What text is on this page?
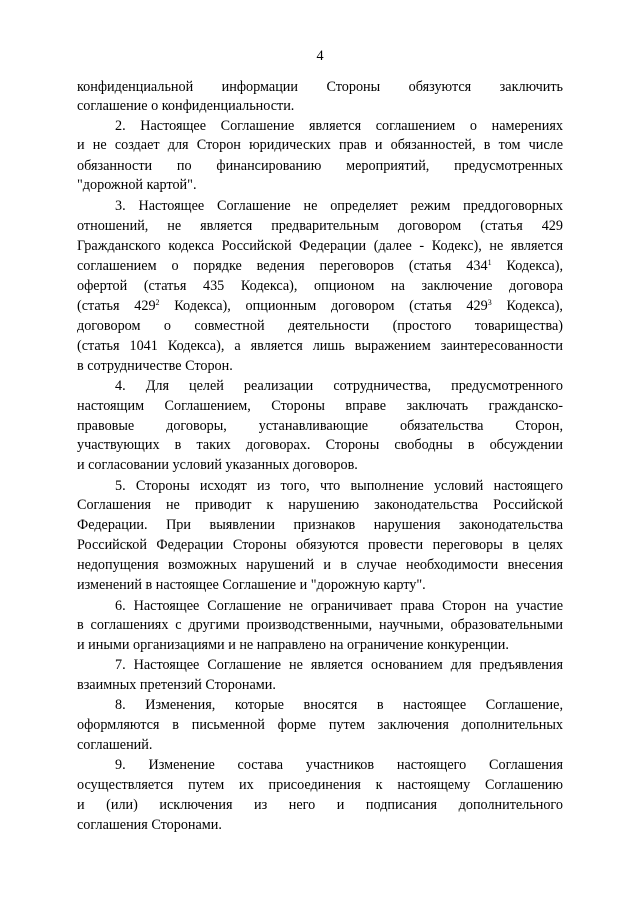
4
конфиденциальной информации Стороны обязуются заключить
соглашение о конфиденциальности.
2. Настоящее Соглашение является соглашением о намерениях
и не создает для Сторон юридических прав и обязанностей, в том числе
обязанности по финансированию мероприятий, предусмотренных
"дорожной картой".
3. Настоящее Соглашение не определяет режим преддоговорных
отношений, не является предварительным договором (статья 429
Гражданского кодекса Российской Федерации (далее - Кодекс), не является
соглашением о порядке ведения переговоров (статья $434^1$ Кодекса),
офертой (статья 435 Кодекса), опционом на заключение договора
(статья $429^2$ Кодекса), опционным договором (статья $429^3$ Кодекса),
договором о совместной деятельности (простого товарищества)
(статья 1041 Кодекса), а является лишь выражением заинтересованности
в сотрудничестве Сторон.
4. Для целей реализации сотрудничества, предусмотренного
настоящим Соглашением, Стороны вправе заключать гражданско-
правовые договоры, устанавливающие обязательства Сторон,
участвующих в таких договорах. Стороны свободны в обсуждении
и согласовании условий указанных договоров.
5. Стороны исходят из того, что выполнение условий настоящего
Соглашения не приводит к нарушению законодательства Российской
Федерации. При выявлении признаков нарушения законодательства
Российской Федерации Стороны обязуются провести переговоры в целях
недопущения возможных нарушений и в случае необходимости внесения
изменений в настоящее Соглашение и "дорожную карту".
6. Настоящее Соглашение не ограничивает права Сторон на участие
в соглашениях с другими производственными, научными, образовательными
и иными организациями и не направлено на ограничение конкуренции.
7. Настоящее Соглашение не является основанием для предъявления
взаимных претензий Сторонами.
8. Изменения, которые вносятся в настоящее Соглашение,
оформляются в письменной форме путем заключения дополнительных
соглашений.
9. Изменение состава участников настоящего Соглашения
осуществляется путем их присоединения к настоящему Соглашению
и (или) исключения из него и подписания дополнительного
соглашения Сторонами.
